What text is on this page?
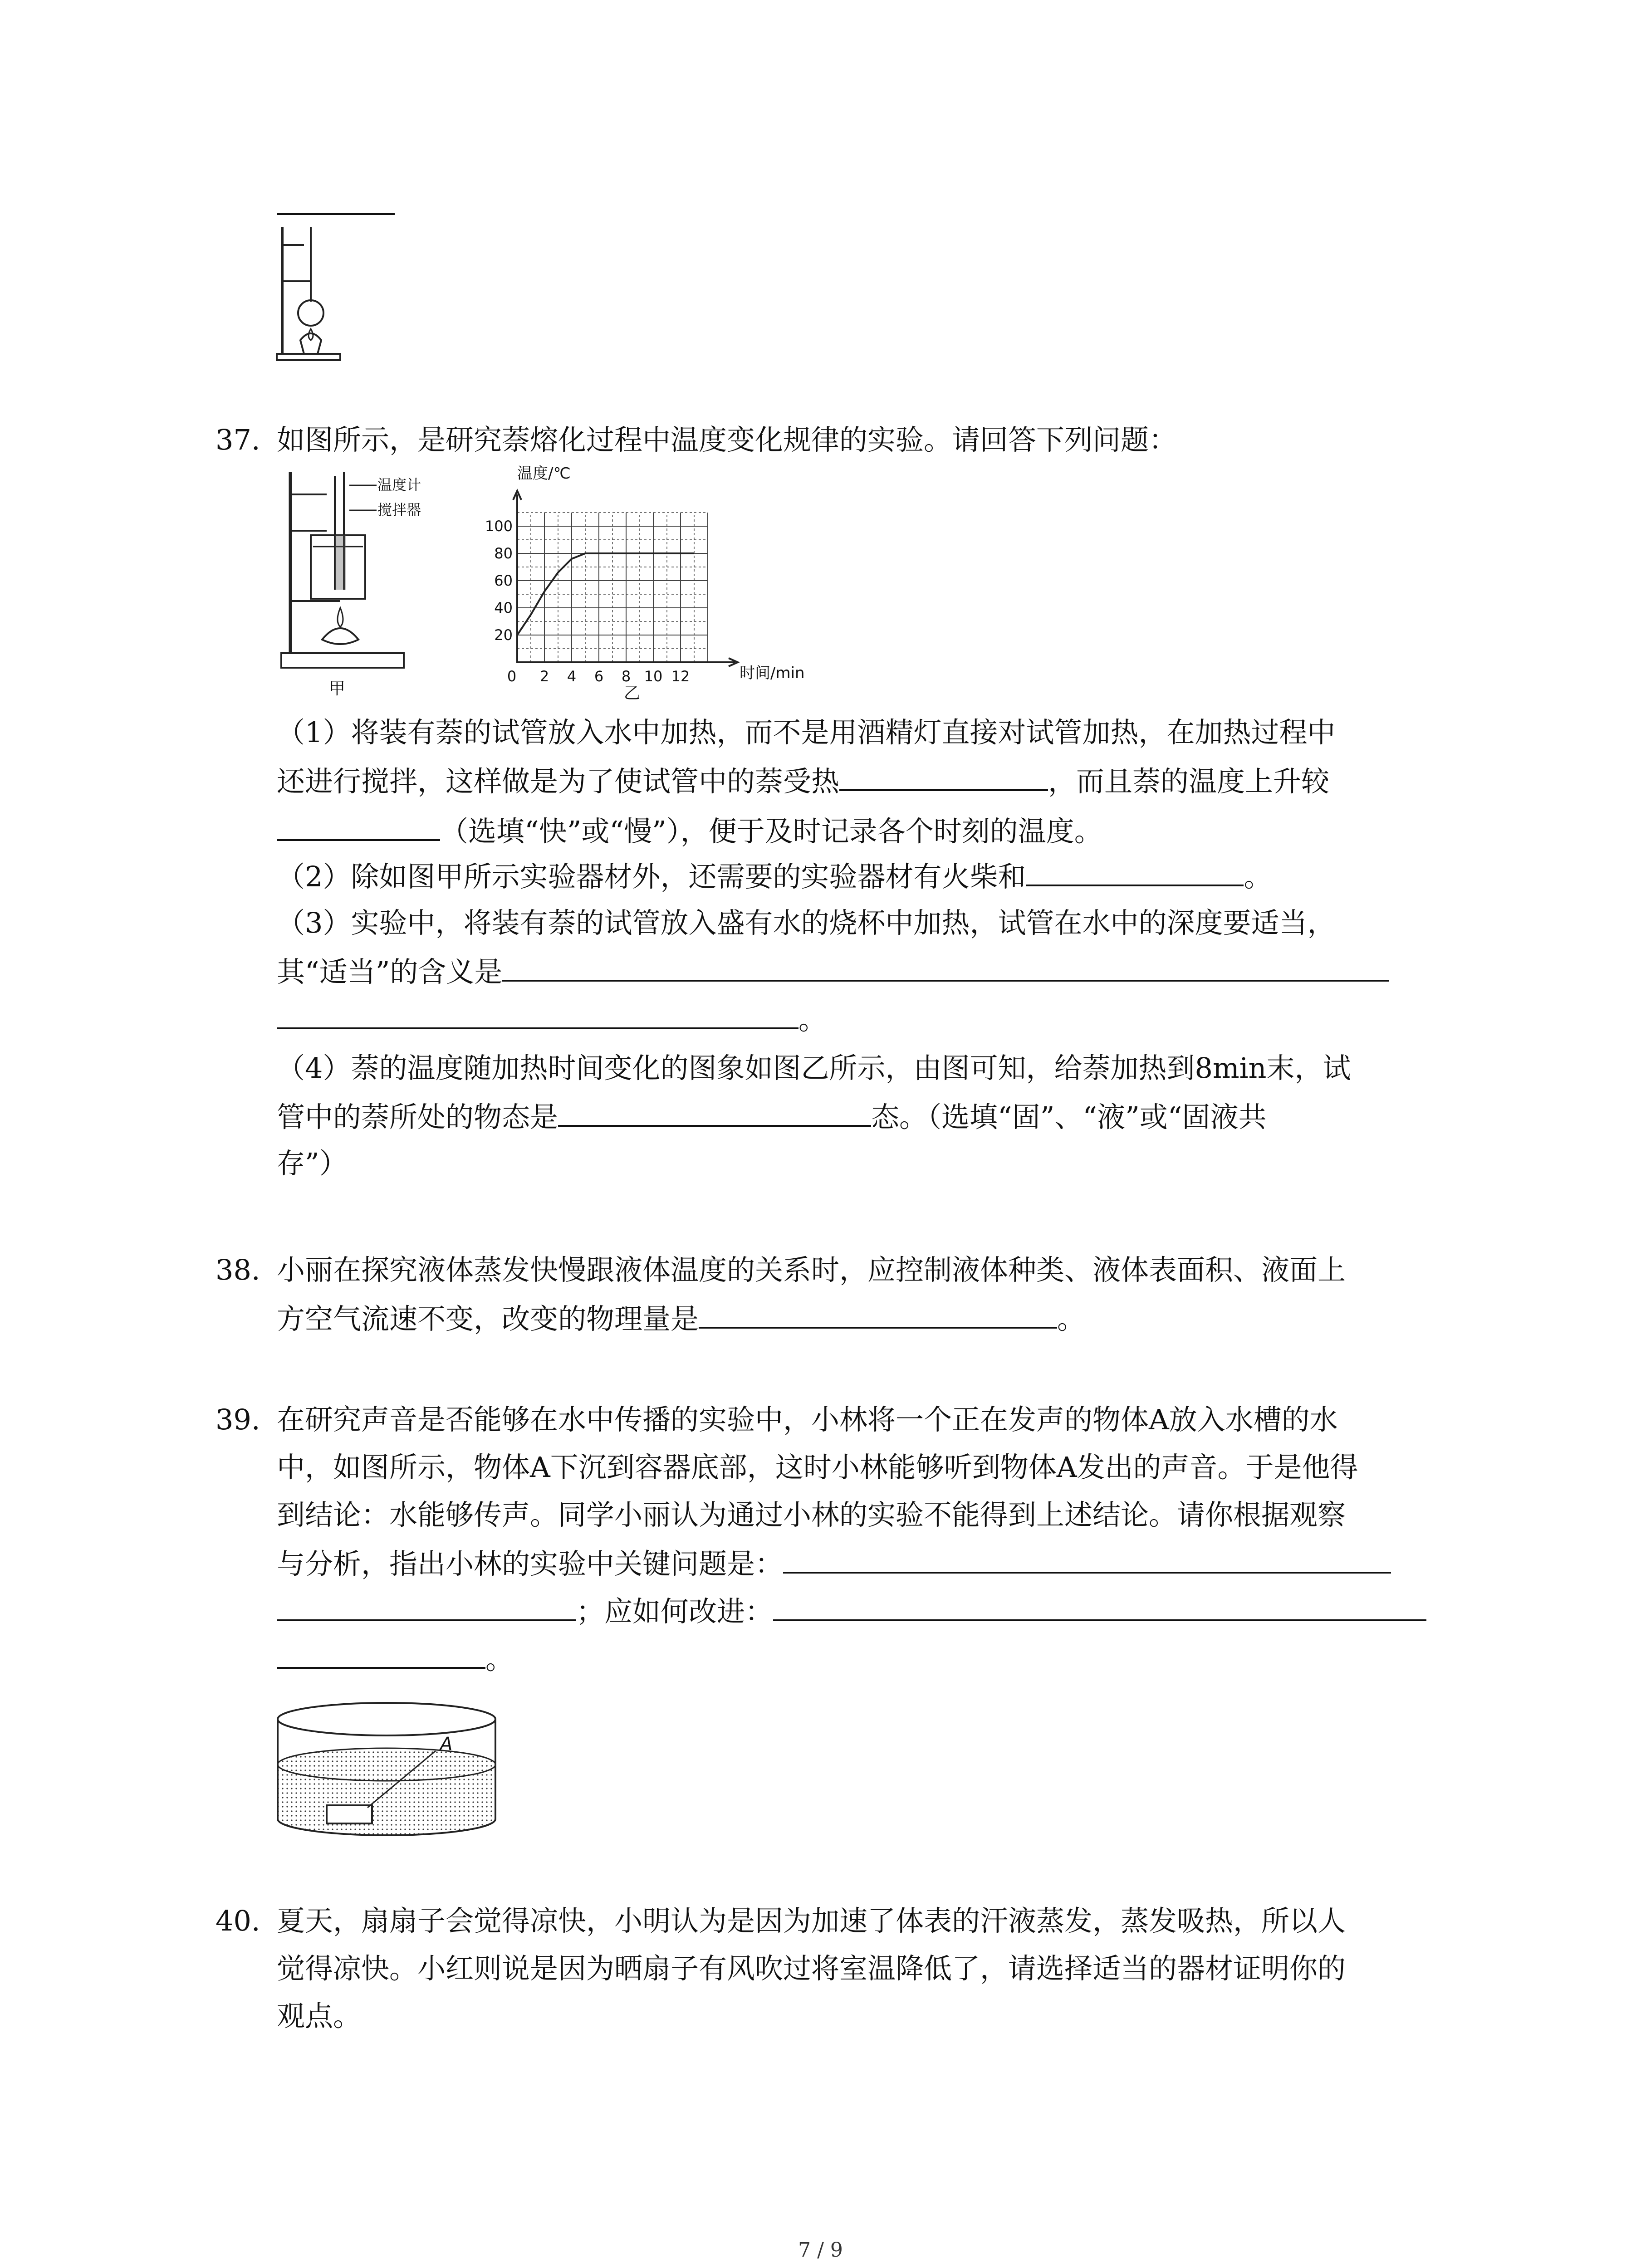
37. 如图所示，是研究萘熔化过程中温度变化规律的实验。请回答下列问题：
温度计
搅拌器
甲
0 2 4 6 8 10 12
20
40
60
80
100
温度/℃
时间/min
乙
（1）将装有萘的试管放入水中加热，而不是用酒精灯直接对试管加热，在加热过程中
还进行搅拌，这样做是为了使试管中的萘受热	，而且萘的温度上升较
（选填“快”或“慢”），便于及时记录各个时刻的温度。
（2）除如图甲所示实验器材外，还需要的实验器材有火柴和	。
（3）实验中，将装有萘的试管放入盛有水的烧杯中加热，试管在水中的深度要适当，
其“适当”的含义是
。
（4）萘的温度随加热时间变化的图象如图乙所示，由图可知，给萘加热到8min末，试
管中的萘所处的物态是	态。（选填“固”、“液”或“固液共
存”）
38. 小丽在探究液体蒸发快慢跟液体温度的关系时，应控制液体种类、液体表面积、液面上
方空气流速不变，改变的物理量是	。
39. 在研究声音是否能够在水中传播的实验中，小林将一个正在发声的物体A放入水槽的水
中，如图所示，物体A下沉到容器底部，这时小林能够听到物体A发出的声音。于是他得
到结论：水能够传声。同学小丽认为通过小林的实验不能得到上述结论。请你根据观察
与分析，指出小林的实验中关键问题是：
；应如何改进：
。
A
40. 夏天，扇扇子会觉得凉快，小明认为是因为加速了体表的汗液蒸发，蒸发吸热，所以人
觉得凉快。小红则说是因为晒扇子有风吹过将室温降低了，请选择适当的器材证明你的
观点。
7 / 9
